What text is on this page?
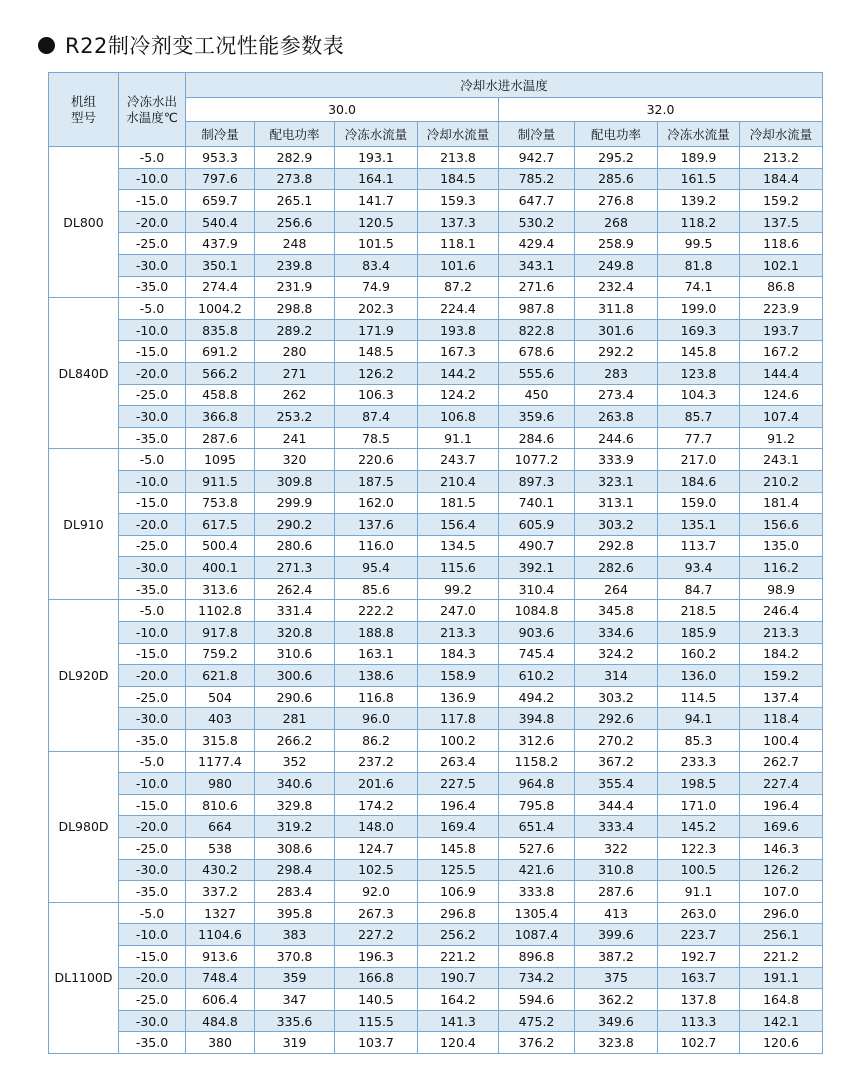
R22制冷剂变工况性能参数表
机组
型号	冷冻水出
水温度℃	冷却水进水温度							
		30.0				32.0			
		制冷量	配电功率	冷冻水流量	冷却水流量	制冷量	配电功率	冷冻水流量	冷却水流量
DL800	-5.0	953.3	282.9	193.1	213.8	942.7	295.2	189.9	213.2
	-10.0	797.6	273.8	164.1	184.5	785.2	285.6	161.5	184.4
	-15.0	659.7	265.1	141.7	159.3	647.7	276.8	139.2	159.2
	-20.0	540.4	256.6	120.5	137.3	530.2	268	118.2	137.5
	-25.0	437.9	248	101.5	118.1	429.4	258.9	99.5	118.6
	-30.0	350.1	239.8	83.4	101.6	343.1	249.8	81.8	102.1
	-35.0	274.4	231.9	74.9	87.2	271.6	232.4	74.1	86.8
DL840D	-5.0	1004.2	298.8	202.3	224.4	987.8	311.8	199.0	223.9
	-10.0	835.8	289.2	171.9	193.8	822.8	301.6	169.3	193.7
	-15.0	691.2	280	148.5	167.3	678.6	292.2	145.8	167.2
	-20.0	566.2	271	126.2	144.2	555.6	283	123.8	144.4
	-25.0	458.8	262	106.3	124.2	450	273.4	104.3	124.6
	-30.0	366.8	253.2	87.4	106.8	359.6	263.8	85.7	107.4
	-35.0	287.6	241	78.5	91.1	284.6	244.6	77.7	91.2
DL910	-5.0	1095	320	220.6	243.7	1077.2	333.9	217.0	243.1
	-10.0	911.5	309.8	187.5	210.4	897.3	323.1	184.6	210.2
	-15.0	753.8	299.9	162.0	181.5	740.1	313.1	159.0	181.4
	-20.0	617.5	290.2	137.6	156.4	605.9	303.2	135.1	156.6
	-25.0	500.4	280.6	116.0	134.5	490.7	292.8	113.7	135.0
	-30.0	400.1	271.3	95.4	115.6	392.1	282.6	93.4	116.2
	-35.0	313.6	262.4	85.6	99.2	310.4	264	84.7	98.9
DL920D	-5.0	1102.8	331.4	222.2	247.0	1084.8	345.8	218.5	246.4
	-10.0	917.8	320.8	188.8	213.3	903.6	334.6	185.9	213.3
	-15.0	759.2	310.6	163.1	184.3	745.4	324.2	160.2	184.2
	-20.0	621.8	300.6	138.6	158.9	610.2	314	136.0	159.2
	-25.0	504	290.6	116.8	136.9	494.2	303.2	114.5	137.4
	-30.0	403	281	96.0	117.8	394.8	292.6	94.1	118.4
	-35.0	315.8	266.2	86.2	100.2	312.6	270.2	85.3	100.4
DL980D	-5.0	1177.4	352	237.2	263.4	1158.2	367.2	233.3	262.7
	-10.0	980	340.6	201.6	227.5	964.8	355.4	198.5	227.4
	-15.0	810.6	329.8	174.2	196.4	795.8	344.4	171.0	196.4
	-20.0	664	319.2	148.0	169.4	651.4	333.4	145.2	169.6
	-25.0	538	308.6	124.7	145.8	527.6	322	122.3	146.3
	-30.0	430.2	298.4	102.5	125.5	421.6	310.8	100.5	126.2
	-35.0	337.2	283.4	92.0	106.9	333.8	287.6	91.1	107.0
DL1100D	-5.0	1327	395.8	267.3	296.8	1305.4	413	263.0	296.0
	-10.0	1104.6	383	227.2	256.2	1087.4	399.6	223.7	256.1
	-15.0	913.6	370.8	196.3	221.2	896.8	387.2	192.7	221.2
	-20.0	748.4	359	166.8	190.7	734.2	375	163.7	191.1
	-25.0	606.4	347	140.5	164.2	594.6	362.2	137.8	164.8
	-30.0	484.8	335.6	115.5	141.3	475.2	349.6	113.3	142.1
	-35.0	380	319	103.7	120.4	376.2	323.8	102.7	120.6
